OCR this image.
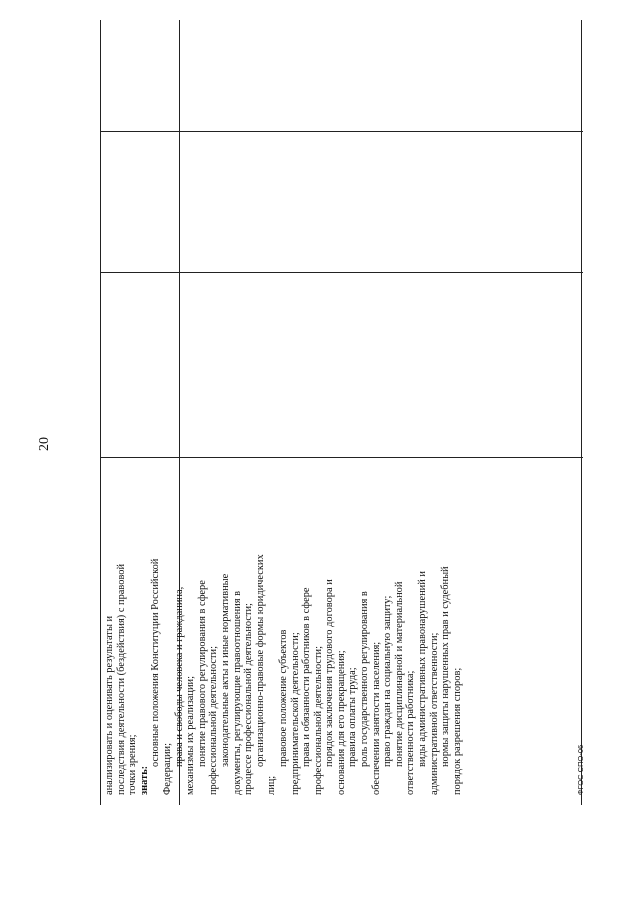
20
анализировать и оценивать результаты и последствия деятельности (бездействия) с правовой точки зрения; знать:
основные положения Конституции Российской
Федерации;
права и свободы человека и гражданина, механизмы их реализации; понятие правового регулирования в сфере профессиональной деятельности; законодательные акты и иные нормативные документы, регулирующие правоотношения в процессе профессиональной деятельности; организационно-правовые формы юридических
лиц;
правовое положение субъектов предпринимательской деятельности; права и обязанности работников в сфере профессиональной деятельности; порядок заключения трудового договора и основания для его прекращения; правила оплаты труда; роль государственного регулирования в обеспечении занятости населения; право граждан на социальную защиту; понятие дисциплинарной и материальной ответственности работника; виды административных правонарушений и административной ответственности; нормы защиты нарушенных прав и судебный порядок разрешения споров;	ФГОС СПО-06
